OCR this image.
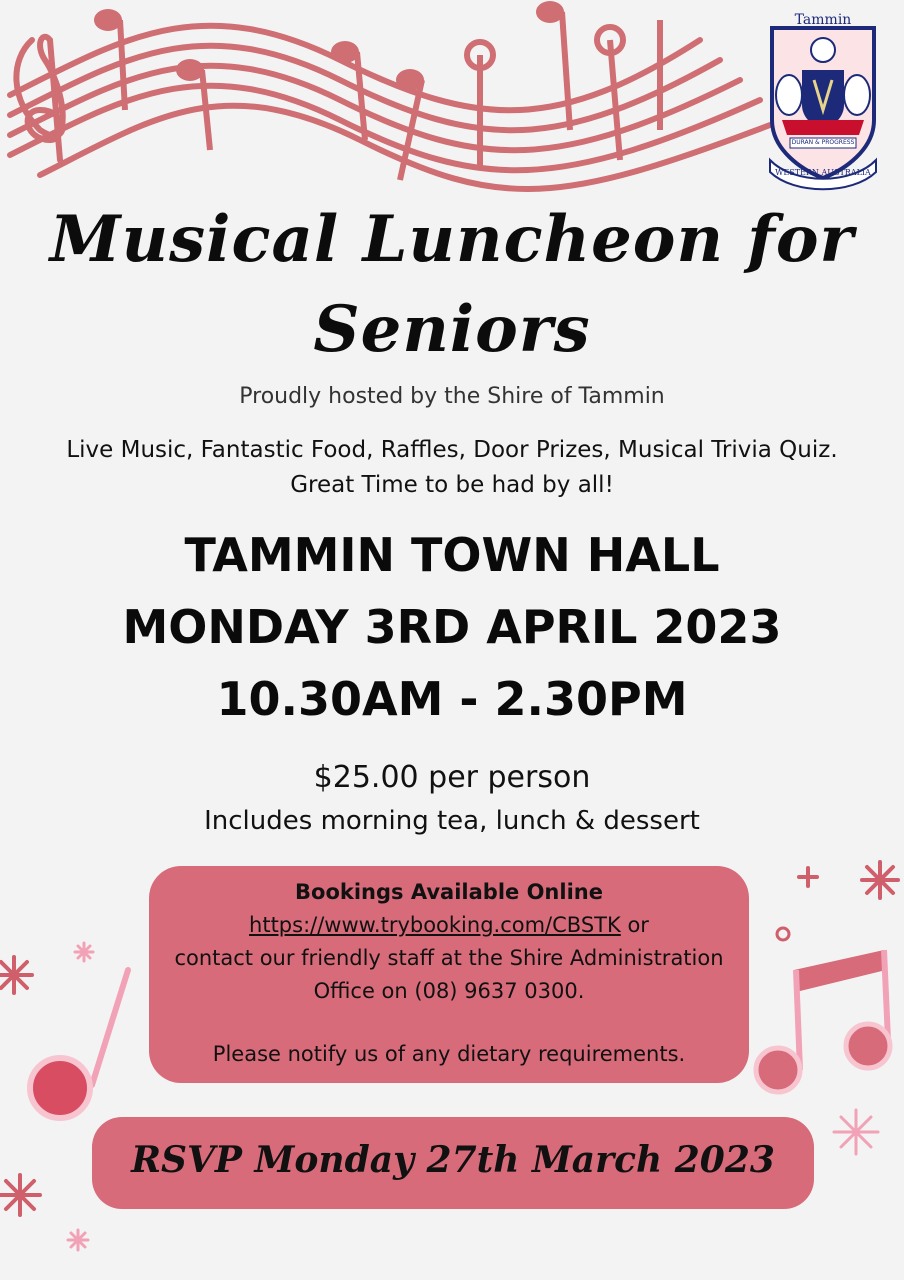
Tammin
DURAN & PROGRESS
WESTERN AUSTRALIA
Musical Luncheon for
Seniors
Proudly hosted by the Shire of Tammin
Live Music, Fantastic Food, Raffles, Door Prizes, Musical Trivia Quiz.
Great Time to be had by all!
TAMMIN TOWN HALL
MONDAY 3RD APRIL 2023
10.30AM - 2.30PM
$25.00 per person
Includes morning tea, lunch & dessert
Bookings Available Online
https://www.trybooking.com/CBSTK or
contact our friendly staff at the Shire Administration
Office on (08) 9637 0300.
Please notify us of any dietary requirements.
RSVP Monday 27th March 2023
